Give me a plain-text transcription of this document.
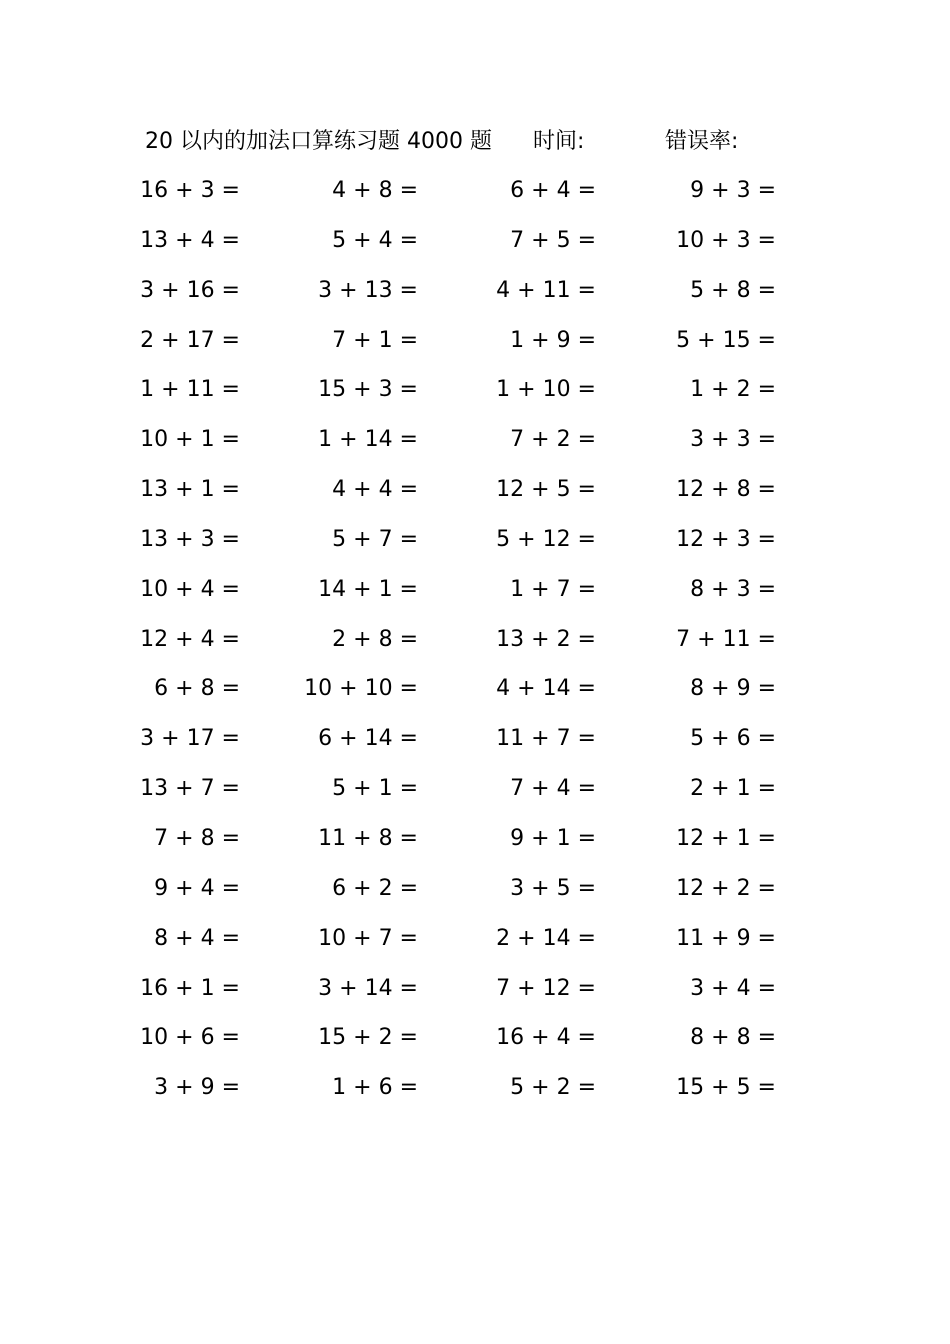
20 以内的加法口算练习题 4000 题 时间:	错误率:
16 + 3 =	4 + 8 =	6 + 4 =	9 + 3 =
13 + 4 =	5 + 4 =	7 + 5 =	10 + 3 =
3 + 16 =	3 + 13 =	4 + 11 =	5 + 8 =
2 + 17 =	7 + 1 =	1 + 9 =	5 + 15 =
1 + 11 =	15 + 3 =	1 + 10 =	1 + 2 =
10 + 1 =	1 + 14 =	7 + 2 =	3 + 3 =
13 + 1 =	4 + 4 =	12 + 5 =	12 + 8 =
13 + 3 =	5 + 7 =	5 + 12 =	12 + 3 =
10 + 4 =	14 + 1 =	1 + 7 =	8 + 3 =
12 + 4 =	2 + 8 =	13 + 2 =	7 + 11 =
6 + 8 =	10 + 10 =	4 + 14 =	8 + 9 =
3 + 17 =	6 + 14 =	11 + 7 =	5 + 6 =
13 + 7 =	5 + 1 =	7 + 4 =	2 + 1 =
7 + 8 =	11 + 8 =	9 + 1 =	12 + 1 =
9 + 4 =	6 + 2 =	3 + 5 =	12 + 2 =
8 + 4 =	10 + 7 =	2 + 14 =	11 + 9 =
16 + 1 =	3 + 14 =	7 + 12 =	3 + 4 =
10 + 6 =	15 + 2 =	16 + 4 =	8 + 8 =
3 + 9 =	1 + 6 =	5 + 2 =	15 + 5 =
